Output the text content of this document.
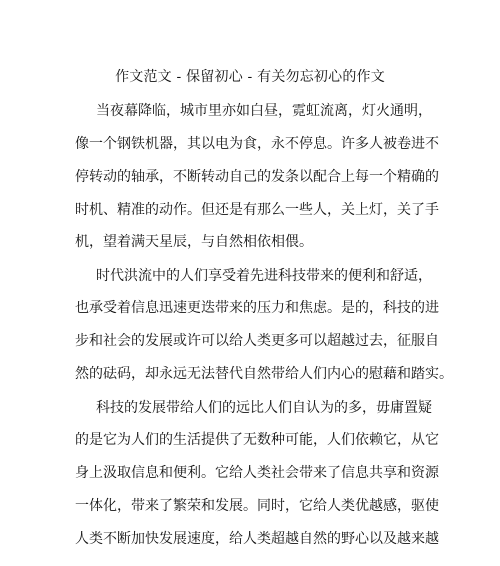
作文范文 - 保留初心 - 有关勿忘初心的作文
当夜幕降临，城市里亦如白昼，霓虹流离，灯火通明，
像一个钢铁机器，其以电为食，永不停息。许多人被卷进不
停转动的轴承，不断转动自己的发条以配合上每一个精确的
时机、精准的动作。但还是有那么一些人，关上灯，关了手
机，望着满天星辰，与自然相依相偎。
时代洪流中的人们享受着先进科技带来的便利和舒适，
也承受着信息迅速更迭带来的压力和焦虑。是的，科技的进
步和社会的发展或许可以给人类更多可以超越过去，征服自
然的砝码，却永远无法替代自然带给人们内心的慰藉和踏实。
科技的发展带给人们的远比人们自认为的多，毋庸置疑
的是它为人们的生活提供了无数种可能，人们依赖它，从它
身上汲取信息和便利。它给人类社会带来了信息共享和资源
一体化，带来了繁荣和发展。同时，它给人类优越感，驱使
人类不断加快发展速度，给人类超越自然的野心以及越来越
